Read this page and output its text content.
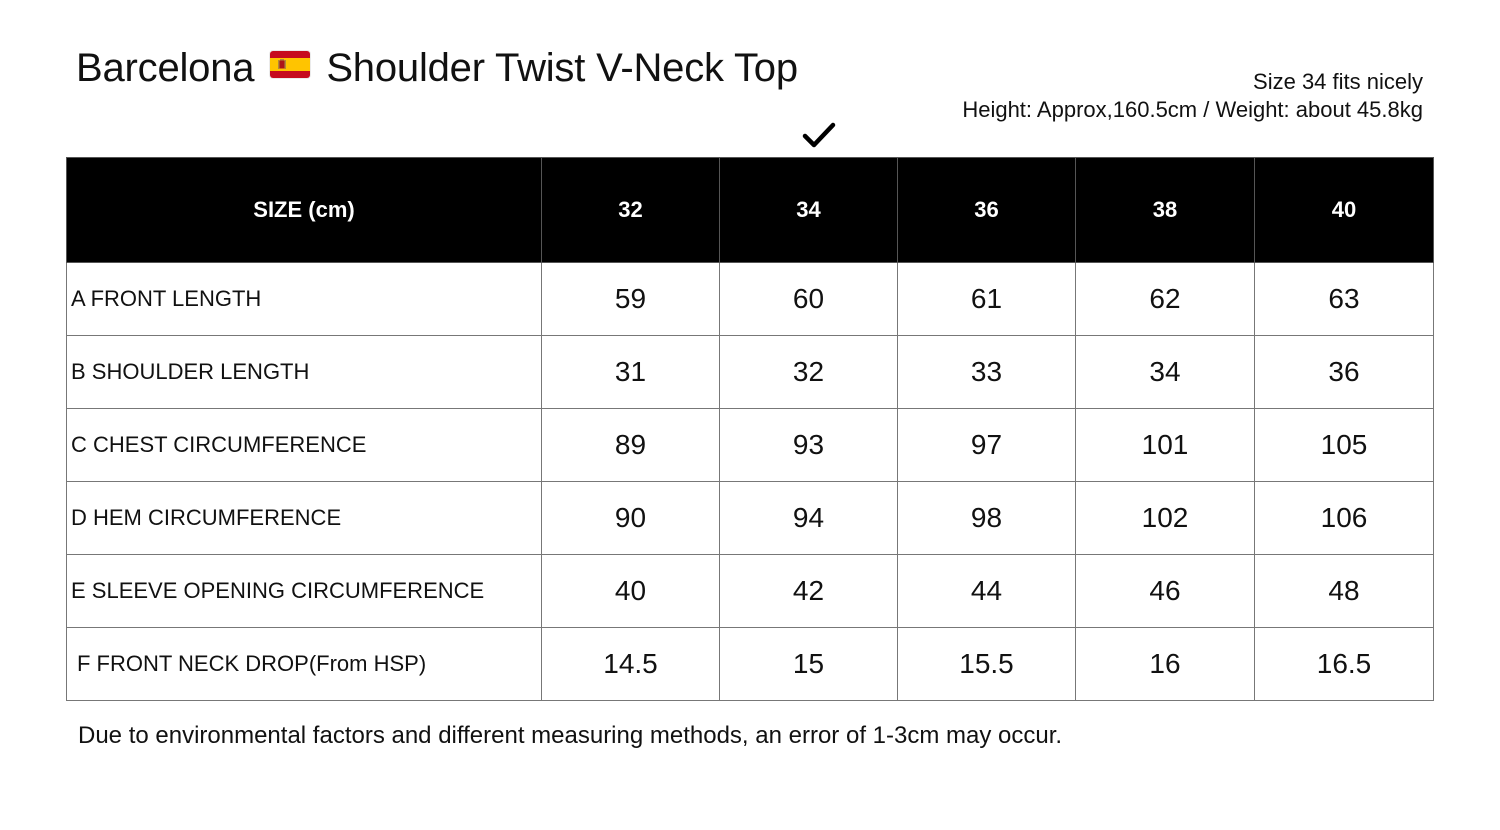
Barcelona Shoulder Twist V-Neck Top	Size 34 fits nicely
Height: Approx,160.5cm / Weight: about 45.8kg
SIZE (cm)	32	34	36	38	40
A FRONT LENGTH	59	60	61	62	63
B SHOULDER LENGTH	31	32	33	34	36
C CHEST CIRCUMFERENCE	89	93	97	101	105
D HEM CIRCUMFERENCE	90	94	98	102	106
E SLEEVE OPENING CIRCUMFERENCE	40	42	44	46	48
F FRONT NECK DROP(From HSP)	14.5	15	15.5	16	16.5
Due to environmental factors and different measuring methods, an error of 1-3cm may occur.
